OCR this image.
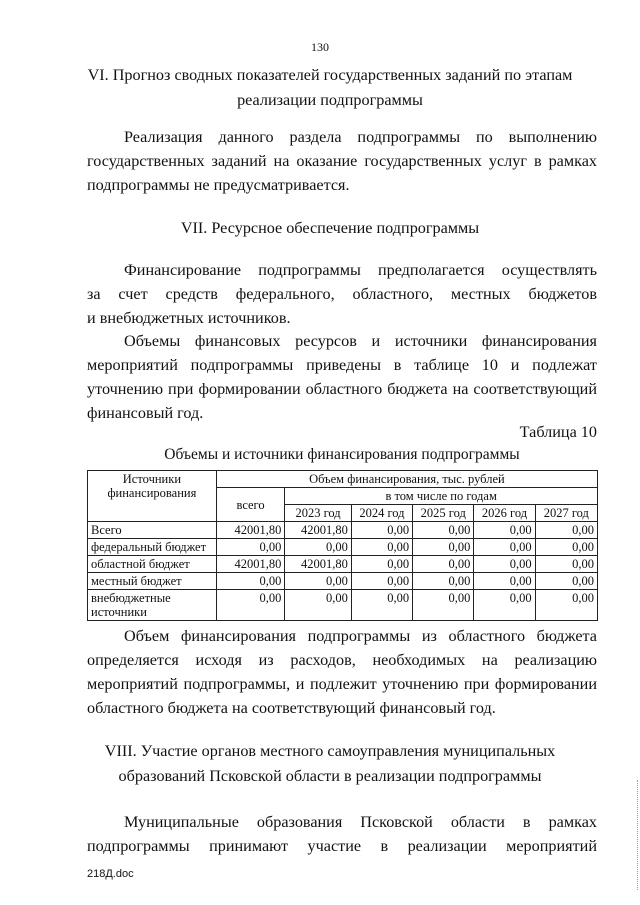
130
VI. Прогноз сводных показателей государственных заданий по этапам
реализации подпрограммы
Реализация данного раздела подпрограммы по выполнению
государственных заданий на оказание государственных услуг в рамках
подпрограммы не предусматривается.
VII. Ресурсное обеспечение подпрограммы
Финансирование подпрограммы предполагается осуществлять
за счет средств федерального, областного, местных бюджетов
и внебюджетных источников.
Объемы финансовых ресурсов и источники финансирования
мероприятий подпрограммы приведены в таблице 10 и подлежат
уточнению при формировании областного бюджета на соответствующий
финансовый год.
Таблица 10
Объемы и источники финансирования подпрограммы
Источники финансирования	Объем финансирования, тыс. рублей					
	всего	в том числе по годам				
		2023 год	2024 год	2025 год	2026 год	2027 год
Всего	42001,80	42001,80	0,00	0,00	0,00	0,00
федеральный бюджет	0,00	0,00	0,00	0,00	0,00	0,00
областной бюджет	42001,80	42001,80	0,00	0,00	0,00	0,00
местный бюджет	0,00	0,00	0,00	0,00	0,00	0,00
внебюджетные источники	0,00	0,00	0,00	0,00	0,00	0,00
Объем финансирования подпрограммы из областного бюджета
определяется исходя из расходов, необходимых на реализацию
мероприятий подпрограммы, и подлежит уточнению при формировании
областного бюджета на соответствующий финансовый год.
VIII. Участие органов местного самоуправления муниципальных
образований Псковской области в реализации подпрограммы
Муниципальные образования Псковской области в рамках
подпрограммы принимают участие в реализации мероприятий
218Д.doc
